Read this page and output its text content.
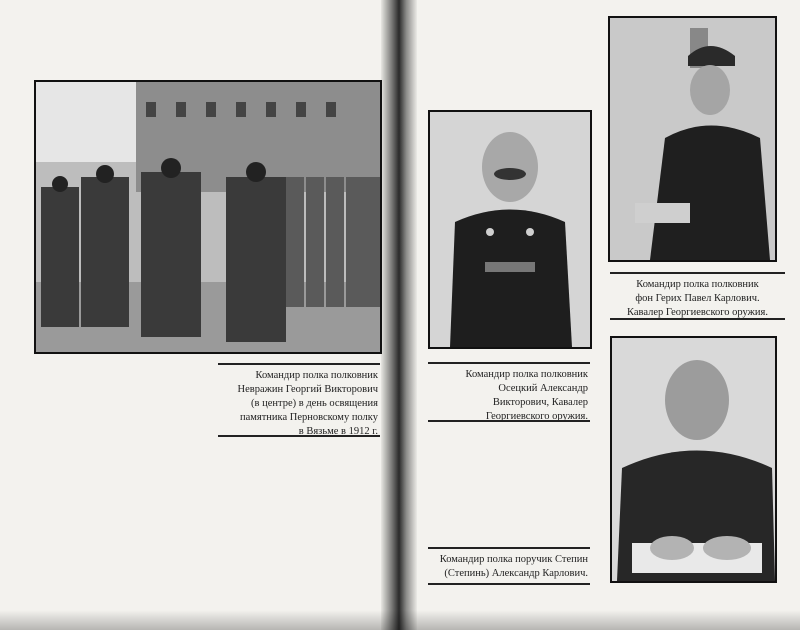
Командир полка полковник
Невражин Георгий Викторович
(в центре) в день освящения
памятника Перновскому полку
в Вязьме в 1912 г.
Командир полка полковник
Осецкий Александр
Викторович, Кавалер
Георгиевского оружия.
Командир полка полковник
фон Герих Павел Карлович.
Кавалер Георгиевского оружия.
Командир полка поручик Степин
(Степинь) Александр Карлович.
